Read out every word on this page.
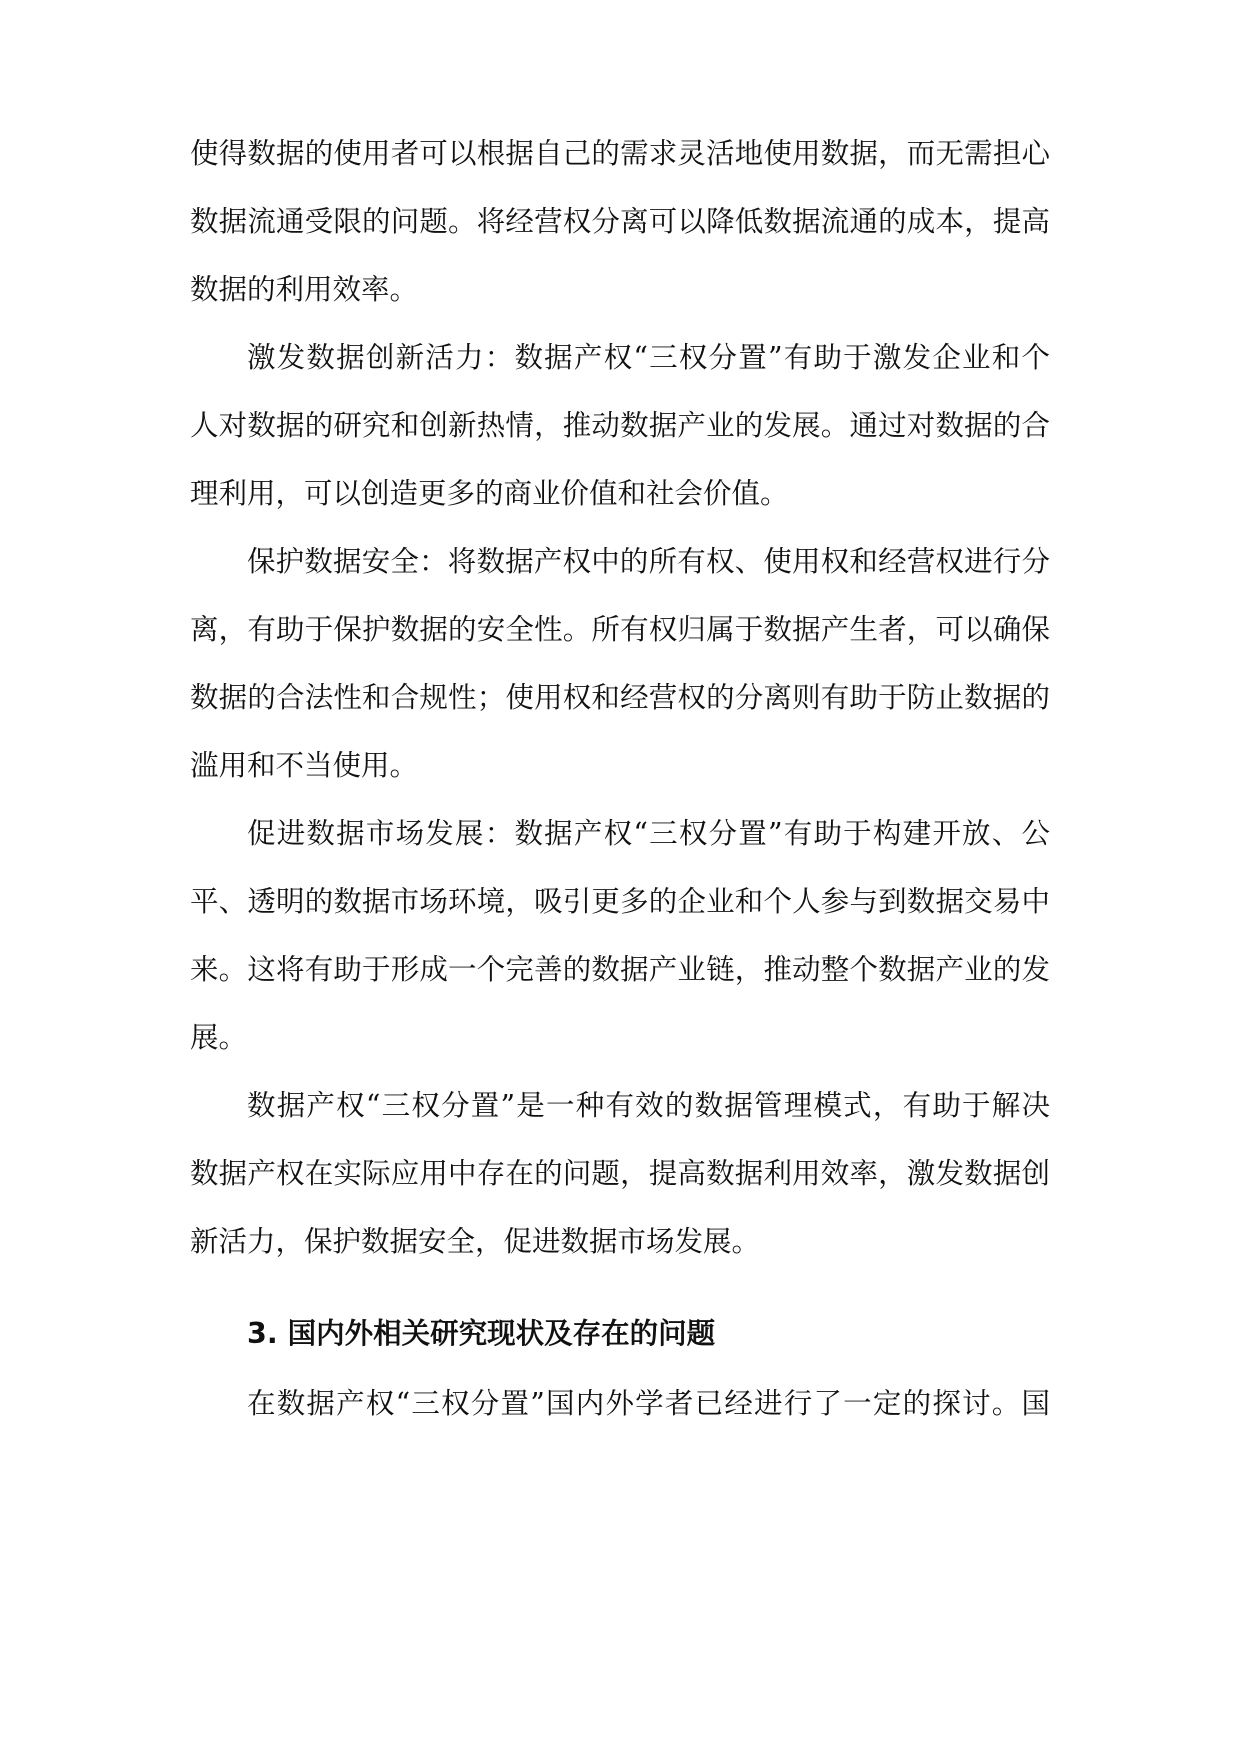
使得数据的使用者可以根据自己的需求灵活地使用数据，而无需担心
数据流通受限的问题。将经营权分离可以降低数据流通的成本，提高
数据的利用效率。
激发数据创新活力：数据产权“三权分置”有助于激发企业和个
人对数据的研究和创新热情，推动数据产业的发展。通过对数据的合
理利用，可以创造更多的商业价值和社会价值。
保护数据安全：将数据产权中的所有权、使用权和经营权进行分
离，有助于保护数据的安全性。所有权归属于数据产生者，可以确保
数据的合法性和合规性；使用权和经营权的分离则有助于防止数据的
滥用和不当使用。
促进数据市场发展：数据产权“三权分置”有助于构建开放、公
平、透明的数据市场环境，吸引更多的企业和个人参与到数据交易中
来。这将有助于形成一个完善的数据产业链，推动整个数据产业的发
展。
数据产权“三权分置”是一种有效的数据管理模式，有助于解决
数据产权在实际应用中存在的问题，提高数据利用效率，激发数据创
新活力，保护数据安全，促进数据市场发展。
3. 国内外相关研究现状及存在的问题
在数据产权“三权分置”国内外学者已经进行了一定的探讨。国
